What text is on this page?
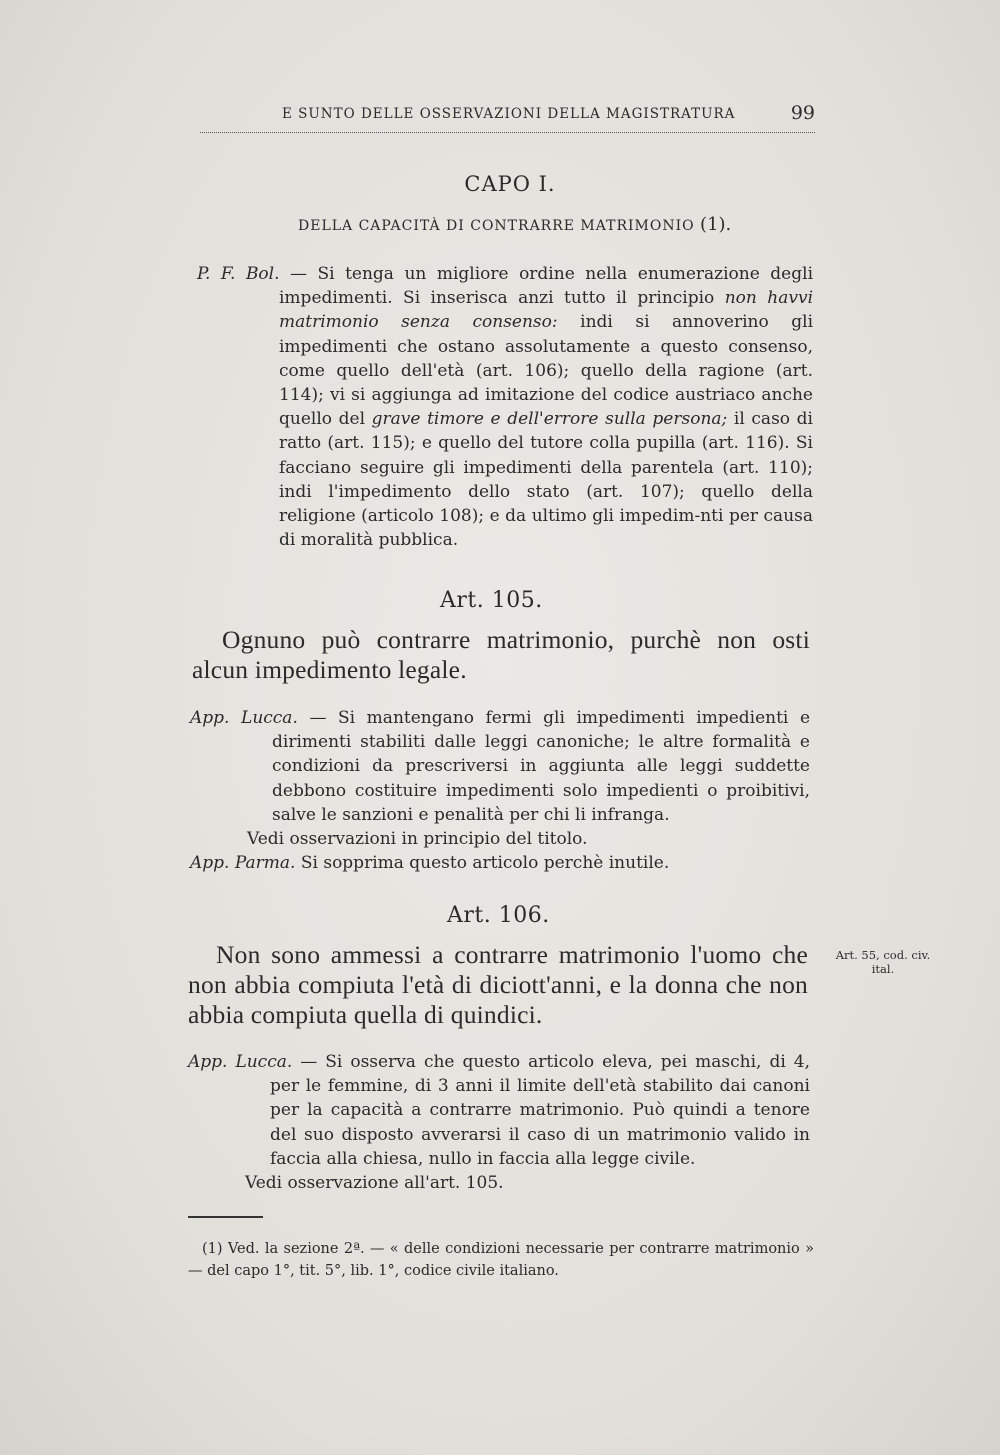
E SUNTO DELLE OSSERVAZIONI DELLA MAGISTRATURA	99
CAPO I.
DELLA CAPACITÀ DI CONTRARRE MATRIMONIO (1).

P. F. Bol. — Si tenga un migliore ordine nella enumerazione degli impedimenti. Si inserisca anzi tutto il principio non havvi matrimonio senza consenso: indi si annoverino gli impedimenti che ostano assolutamente a questo consenso, come quello dell'età (art. 106); quello della ragione (art. 114); vi si aggiunga ad imitazione del codice austriaco anche quello del grave timore e dell'errore sulla persona; il caso di ratto (art. 115); e quello del tutore colla pupilla (art. 116). Si facciano seguire gli impedimenti della parentela (art. 110); indi l'impedimento dello stato (art. 107); quello della religione (articolo 108); e da ultimo gli impedim-nti per causa di moralità pubblica.

Art. 105.
Ognuno può contrarre matrimonio, purchè non osti alcun impedimento legale.

App. Lucca. — Si mantengano fermi gli impedimenti impedienti e dirimenti stabiliti dalle leggi canoniche; le altre formalità e condizioni da prescriversi in aggiunta alle leggi suddette debbono costituire impedimenti solo impedienti o proibitivi, salve le sanzioni e penalità per chi li infranga.

Vedi osservazioni in principio del titolo.

App. Parma. Si sopprima questo articolo perchè inutile.

Art. 106.
Non sono ammessi a contrarre matrimonio l'uomo che non abbia compiuta l'età di diciott'anni, e la donna che non abbia compiuta quella di quindici.
Art. 55, cod. civ. ital.

App. Lucca. — Si osserva che questo articolo eleva, pei maschi, di 4, per le femmine, di 3 anni il limite dell'età stabilito dai canoni per la capacità a contrarre matrimonio. Può quindi a tenore del suo disposto avverarsi il caso di un matrimonio valido in faccia alla chiesa, nullo in faccia alla legge civile.

Vedi osservazione all'art. 105.

(1) Ved. la sezione 2ª. — « delle condizioni necessarie per contrarre matrimonio » — del capo 1°, tit. 5°, lib. 1°, codice civile italiano.
